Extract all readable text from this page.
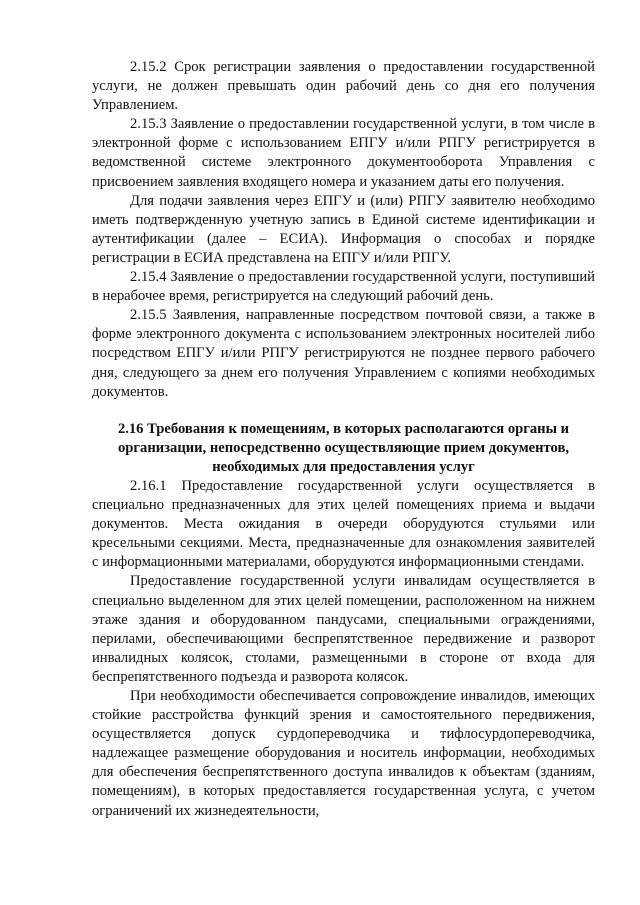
2.15.2 Срок регистрации заявления о предоставлении государственной услуги, не должен превышать один рабочий день со дня его получения Управлением.

2.15.3 Заявление о предоставлении государственной услуги, в том числе в электронной форме с использованием ЕПГУ и/или РПГУ регистрируется в ведомственной системе электронного документооборота Управления с присвоением заявления входящего номера и указанием даты его получения.

Для подачи заявления через ЕПГУ и (или) РПГУ заявителю необходимо иметь подтвержденную учетную запись в Единой системе идентификации и аутентификации (далее – ЕСИА). Информация о способах и порядке регистрации в ЕСИА представлена на ЕПГУ и/или РПГУ.

2.15.4 Заявление о предоставлении государственной услуги, поступивший в нерабочее время, регистрируется на следующий рабочий день.

2.15.5 Заявления, направленные посредством почтовой связи, а также в форме электронного документа с использованием электронных носителей либо посредством ЕПГУ и/или РПГУ регистрируются не позднее первого рабочего дня, следующего за днем его получения Управлением с копиями необходимых документов.

2.16 Требования к помещениям, в которых располагаются органы и организации, непосредственно осуществляющие прием документов, необходимых для предоставления услуг

2.16.1 Предоставление государственной услуги осуществляется в специально предназначенных для этих целей помещениях приема и выдачи документов. Места ожидания в очереди оборудуются стульями или кресельными секциями. Места, предназначенные для ознакомления заявителей с информационными материалами, оборудуются информационными стендами.

Предоставление государственной услуги инвалидам осуществляется в специально выделенном для этих целей помещении, расположенном на нижнем этаже здания и оборудованном пандусами, специальными ограждениями, перилами, обеспечивающими беспрепятственное передвижение и разворот инвалидных колясок, столами, размещенными в стороне от входа для беспрепятственного подъезда и разворота колясок.

При необходимости обеспечивается сопровождение инвалидов, имеющих стойкие расстройства функций зрения и самостоятельного передвижения, осуществляется допуск сурдопереводчика и тифлосурдопереводчика, надлежащее размещение оборудования и носитель информации, необходимых для обеспечения беспрепятственного доступа инвалидов к объектам (зданиям, помещениям), в которых предоставляется государственная услуга, с учетом ограничений их жизнедеятельности,
